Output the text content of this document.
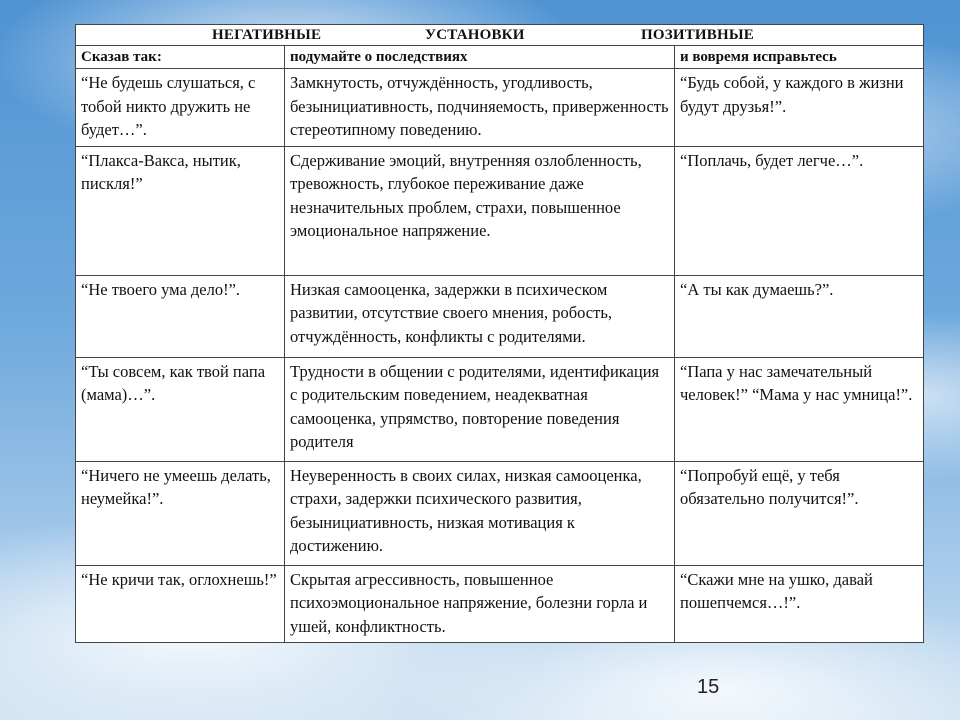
НЕГАТИВНЫЕ УСТАНОВКИ ПОЗИТИВНЫЕ		

Сказав так:	подумайте о последствиях	и вовремя исправьтесь
“Не будешь слушаться, с тобой никто дружить не будет…”.	Замкнутость, отчуждённость, угодливость, безынициативность, подчиняемость, приверженность стереотипному поведению.	“Будь собой, у каждого в жизни будут друзья!”.
“Плакса-Вакса, нытик, пискля!”	Сдерживание эмоций, внутренняя озлобленность, тревожность, глубокое переживание даже незначительных проблем, страхи, повышенное эмоциональное напряжение.	“Поплачь, будет легче…”.
“Не твоего ума дело!”.	Низкая самооценка, задержки в психическом развитии, отсутствие своего мнения, робость, отчуждённость, конфликты с родителями.	“А ты как думаешь?”.
“Ты совсем, как твой папа (мама)…”.	Трудности в общении с родителями, идентификация с родительским поведением, неадекватная самооценка, упрямство, повторение поведения родителя	“Папа у нас замечательный человек!” “Мама у нас умница!”.
“Ничего не умеешь делать, неумейка!”.	Неуверенность в своих силах, низкая самооценка, страхи, задержки психического развития, безынициативность, низкая мотивация к достижению.	“Попробуй ещё, у тебя обязательно получится!”.
“Не кричи так, оглохнешь!”	Скрытая агрессивность, повышенное психоэмоциональное напряжение, болезни горла и ушей, конфликтность.	“Скажи мне на ушко, давай пошепчемся…!”.
15
